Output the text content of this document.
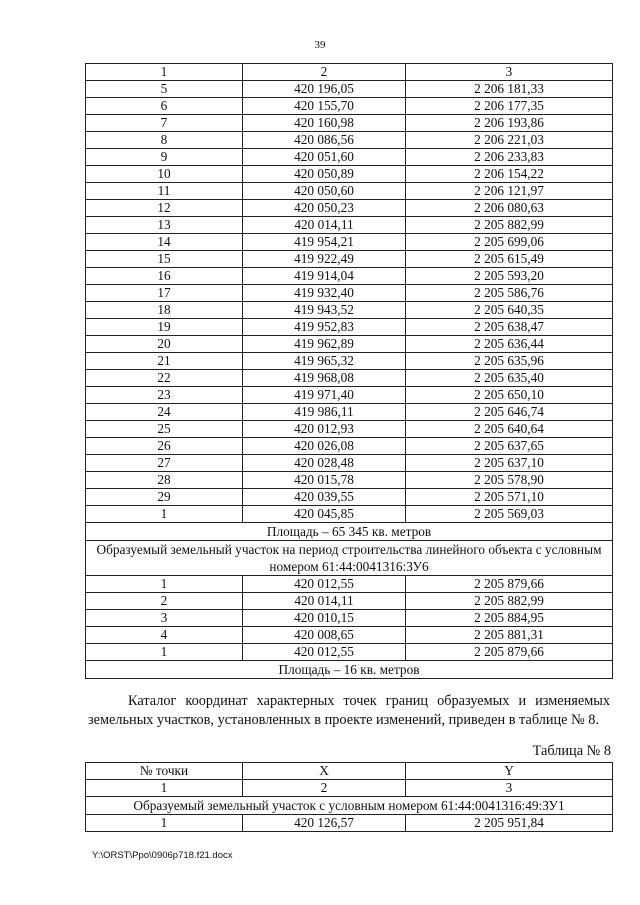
39
1	2	3
5	420 196,05	2 206 181,33
6	420 155,70	2 206 177,35
7	420 160,98	2 206 193,86
8	420 086,56	2 206 221,03
9	420 051,60	2 206 233,83
10	420 050,89	2 206 154,22
11	420 050,60	2 206 121,97
12	420 050,23	2 206 080,63
13	420 014,11	2 205 882,99
14	419 954,21	2 205 699,06
15	419 922,49	2 205 615,49
16	419 914,04	2 205 593,20
17	419 932,40	2 205 586,76
18	419 943,52	2 205 640,35
19	419 952,83	2 205 638,47
20	419 962,89	2 205 636,44
21	419 965,32	2 205 635,96
22	419 968,08	2 205 635,40
23	419 971,40	2 205 650,10
24	419 986,11	2 205 646,74
25	420 012,93	2 205 640,64
26	420 026,08	2 205 637,65
27	420 028,48	2 205 637,10
28	420 015,78	2 205 578,90
29	420 039,55	2 205 571,10
1	420 045,85	2 205 569,03
Площадь – 65 345 кв. метров		
Образуемый земельный участок на период строительства линейного объекта с условным номером 61:44:0041316:ЗУ6		
1	420 012,55	2 205 879,66
2	420 014,11	2 205 882,99
3	420 010,15	2 205 884,95
4	420 008,65	2 205 881,31
1	420 012,55	2 205 879,66
Площадь – 16 кв. метров		
Каталог координат характерных точек границ образуемых и изменяемых земельных участков, установленных в проекте изменений, приведен в таблице № 8.
Таблица № 8
№ точки	X	Y
1	2	3
Образуемый земельный участок с условным номером 61:44:0041316:49:ЗУ1		
1	420 126,57	2 205 951,84
Y:\ORST\Ppo\0906p718.f21.docx
